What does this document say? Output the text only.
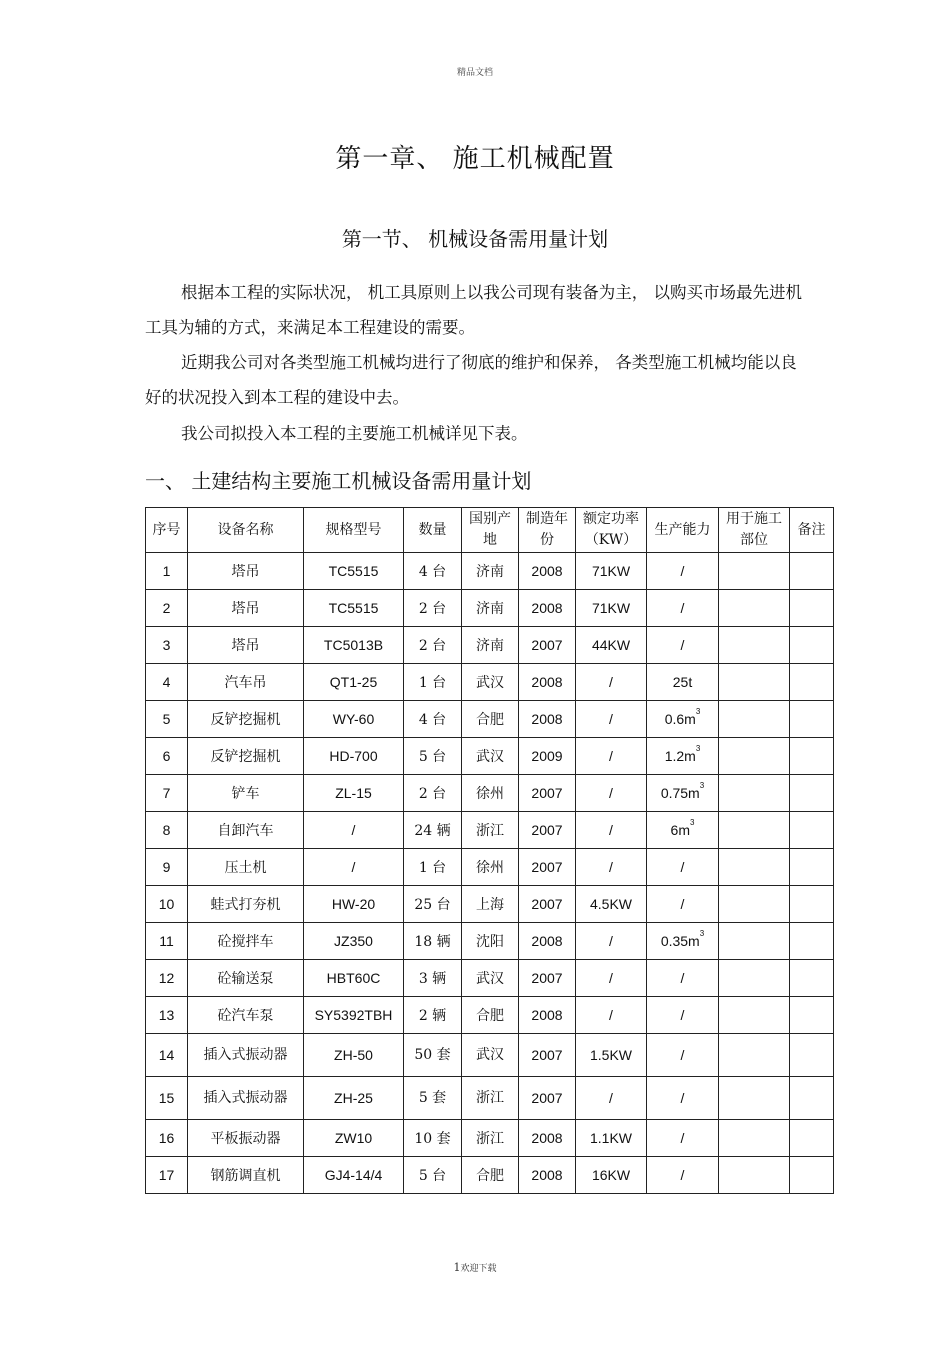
精品文档
第一章、 施工机械配置
第一节、 机械设备需用量计划
根据本工程的实际状况， 机工具原则上以我公司现有装备为主， 以购买市场最先进机工具为辅的方式，来满足本工程建设的需要。
近期我公司对各类型施工机械均进行了彻底的维护和保养， 各类型施工机械均能以良好的状况投入到本工程的建设中去。
我公司拟投入本工程的主要施工机械详见下表。
一、 土建结构主要施工机械设备需用量计划
序号	设备名称	规格型号	数量	国别产地	制造年份	额定功率（KW）	生产能力	用于施工部位	备注
1	塔吊	TC5515	4 台	济南	2008	71KW	/		
2	塔吊	TC5515	2 台	济南	2008	71KW	/		
3	塔吊	TC5013B	2 台	济南	2007	44KW	/		
4	汽车吊	QT1-25	1 台	武汉	2008	/	25t		
5	反铲挖掘机	WY-60	4 台	合肥	2008	/	$0.6m^3$		
6	反铲挖掘机	HD-700	5 台	武汉	2009	/	$1.2m^3$		
7	铲车	ZL-15	2 台	徐州	2007	/	$0.75m^3$		
8	自卸汽车	/	24 辆	浙江	2007	/	$6m^3$		
9	压土机	/	1 台	徐州	2007	/	/		
10	蛙式打夯机	HW-20	25 台	上海	2007	4.5KW	/		
11	砼搅拌车	JZ350	18 辆	沈阳	2008	/	$0.35m^3$		
12	砼输送泵	HBT60C	3 辆	武汉	2007	/	/		
13	砼汽车泵	SY5392TBH	2 辆	合肥	2008	/	/		
14	插入式振动器	ZH-50	50 套	武汉	2007	1.5KW	/		
15	插入式振动器	ZH-25	5 套	浙江	2007	/	/		
16	平板振动器	ZW10	10 套	浙江	2008	1.1KW	/		
17	钢筋调直机	GJ4-14/4	5 台	合肥	2008	16KW	/		
1欢迎下载
